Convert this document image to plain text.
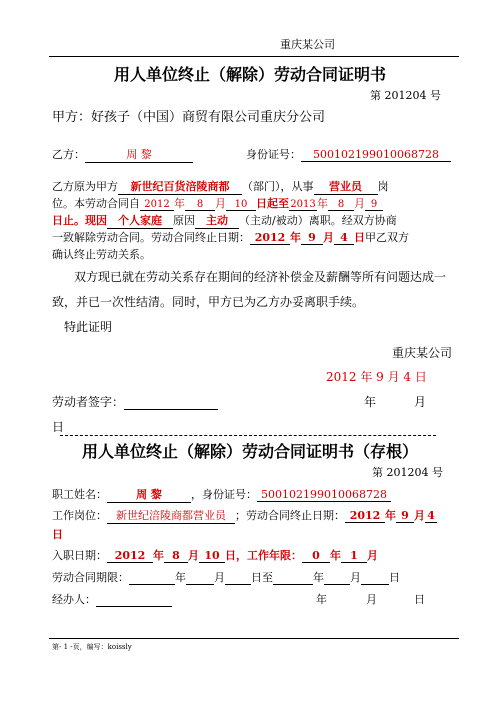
重庆某公司
用人单位终止（解除）劳动合同证明书
第 201204 号
甲方：好孩子（中国）商贸有限公司重庆分公司
乙方：	周 黎	身份证号： 500102199010068728
乙方原为甲方 新世纪百货涪陵商都 （部门），从事 营业员 岗
位。本劳动合同自 2012 年 8 月 10 日起至2013年 8 月 9
日止。现因 个人家庭 原因 主动 （主动/被动）离职。经双方协商
一致解除劳动合同。劳动合同终止日期： 2012 年 9 月 4 日甲乙双方
确认终止劳动关系。
双方现已就在劳动关系存在期间的经济补偿金及薪酬等所有问题达成一
致，并已一次性结清。同时，甲方已为乙方办妥离职手续。
特此证明
重庆某公司
2012 年 9 月 4 日
劳动者签字：	年	月
日
用人单位终止（解除）劳动合同证明书（存根）
第 201204 号
职工姓名：	周 黎	，身份证号： 500102199010068728
工作岗位： 新世纪涪陵商都营业员 ；劳动合同终止日期： 2012 年 9 月 4
日
入职日期： 2012 年 8 月 10 日，工作年限： 0 年 1 月
劳动合同期限：	年	月 日至	年 月	日
经办人：	年	月	日
第- 1 -页，编写：koissly
